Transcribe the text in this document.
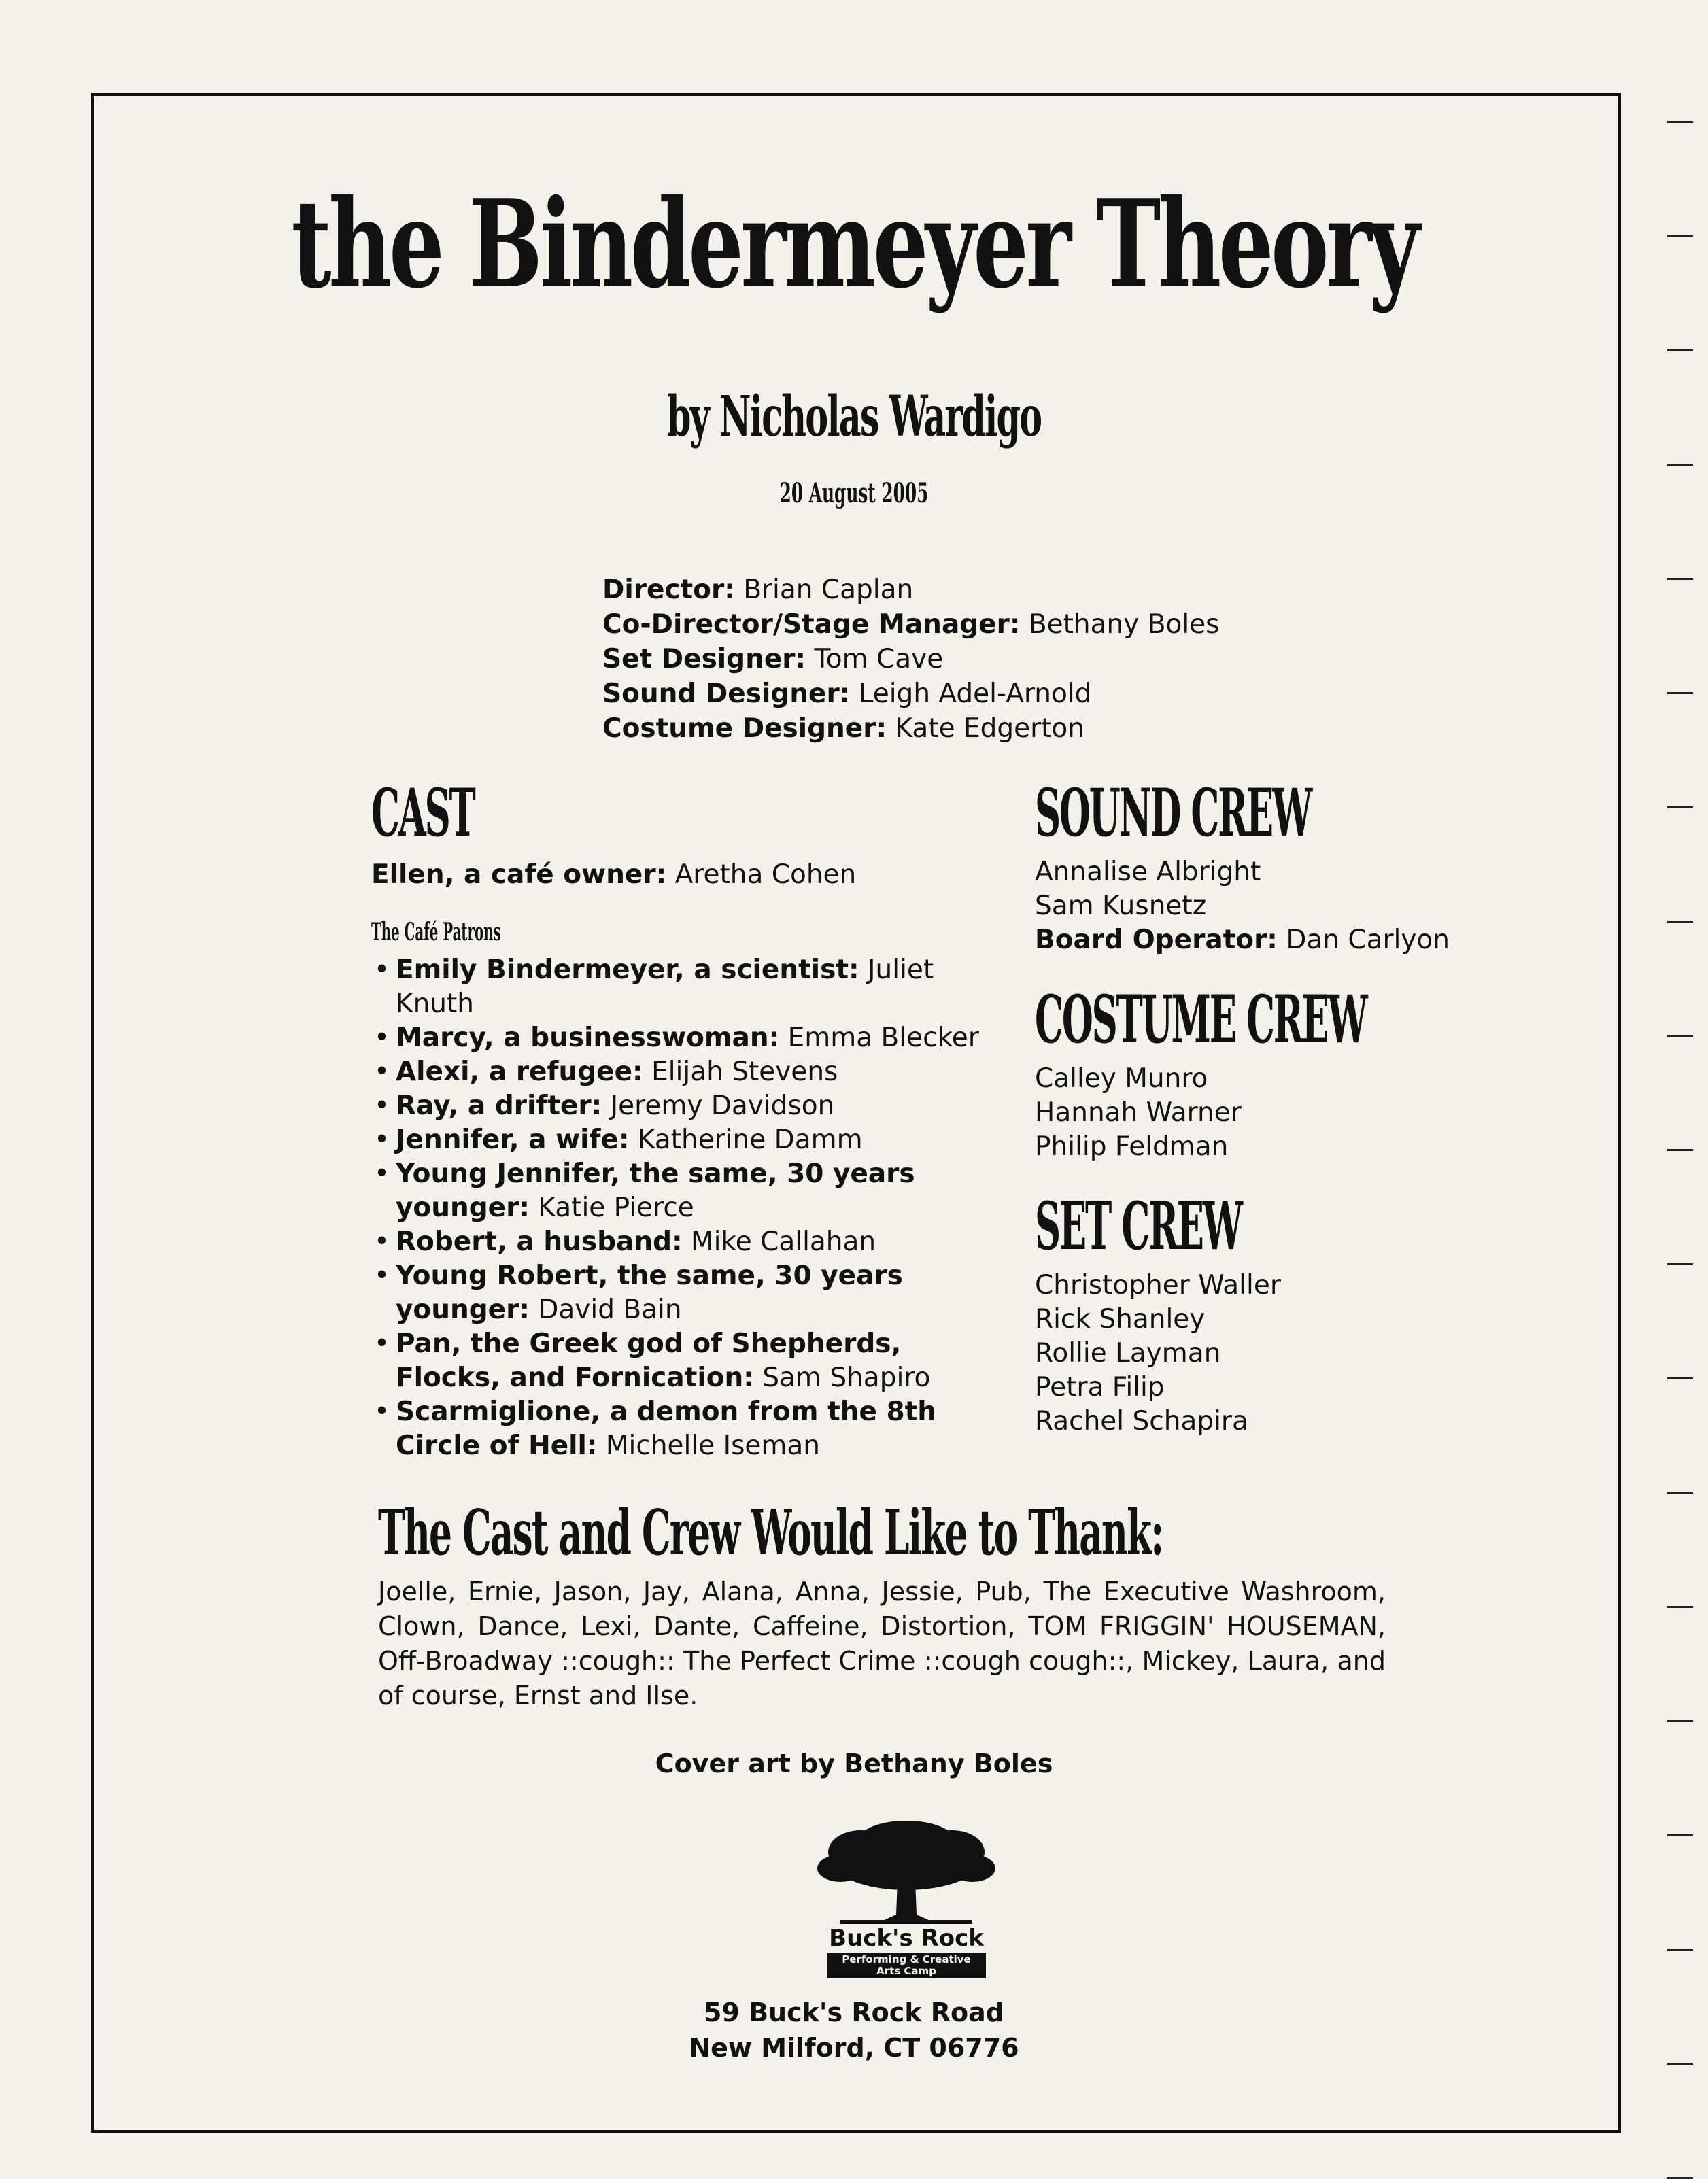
the Bindermeyer Theory
by Nicholas Wardigo
20 August 2005
Director: Brian Caplan
Co-Director/Stage Manager: Bethany Boles
Set Designer: Tom Cave
Sound Designer: Leigh Adel-Arnold
Costume Designer: Kate Edgerton
CAST
Ellen, a café owner: Aretha Cohen
The Café Patrons
• Emily Bindermeyer, a scientist: Juliet Knuth
• Marcy, a businesswoman: Emma Blecker
• Alexi, a refugee: Elijah Stevens
• Ray, a drifter: Jeremy Davidson
• Jennifer, a wife: Katherine Damm
• Young Jennifer, the same, 30 years younger: Katie Pierce
• Robert, a husband: Mike Callahan
• Young Robert, the same, 30 years younger: David Bain
• Pan, the Greek god of Shepherds, Flocks, and Fornication: Sam Shapiro
• Scarmiglione, a demon from the 8th Circle of Hell: Michelle Iseman
SOUND CREW
Annalise Albright
Sam Kusnetz
Board Operator: Dan Carlyon
COSTUME CREW
Calley Munro
Hannah Warner
Philip Feldman
SET CREW
Christopher Waller
Rick Shanley
Rollie Layman
Petra Filip
Rachel Schapira
The Cast and Crew Would Like to Thank:
Joelle, Ernie, Jason, Jay, Alana, Anna, Jessie, Pub, The Executive Washroom, Clown, Dance, Lexi, Dante, Caffeine, Distortion, TOM FRIGGIN' HOUSEMAN, Off-Broadway ::cough:: The Perfect Crime ::cough cough::, Mickey, Laura, and of course, Ernst and Ilse.
Cover art by Bethany Boles
Buck's Rock
Performing & Creative
Arts Camp
59 Buck's Rock Road
New Milford, CT 06776
